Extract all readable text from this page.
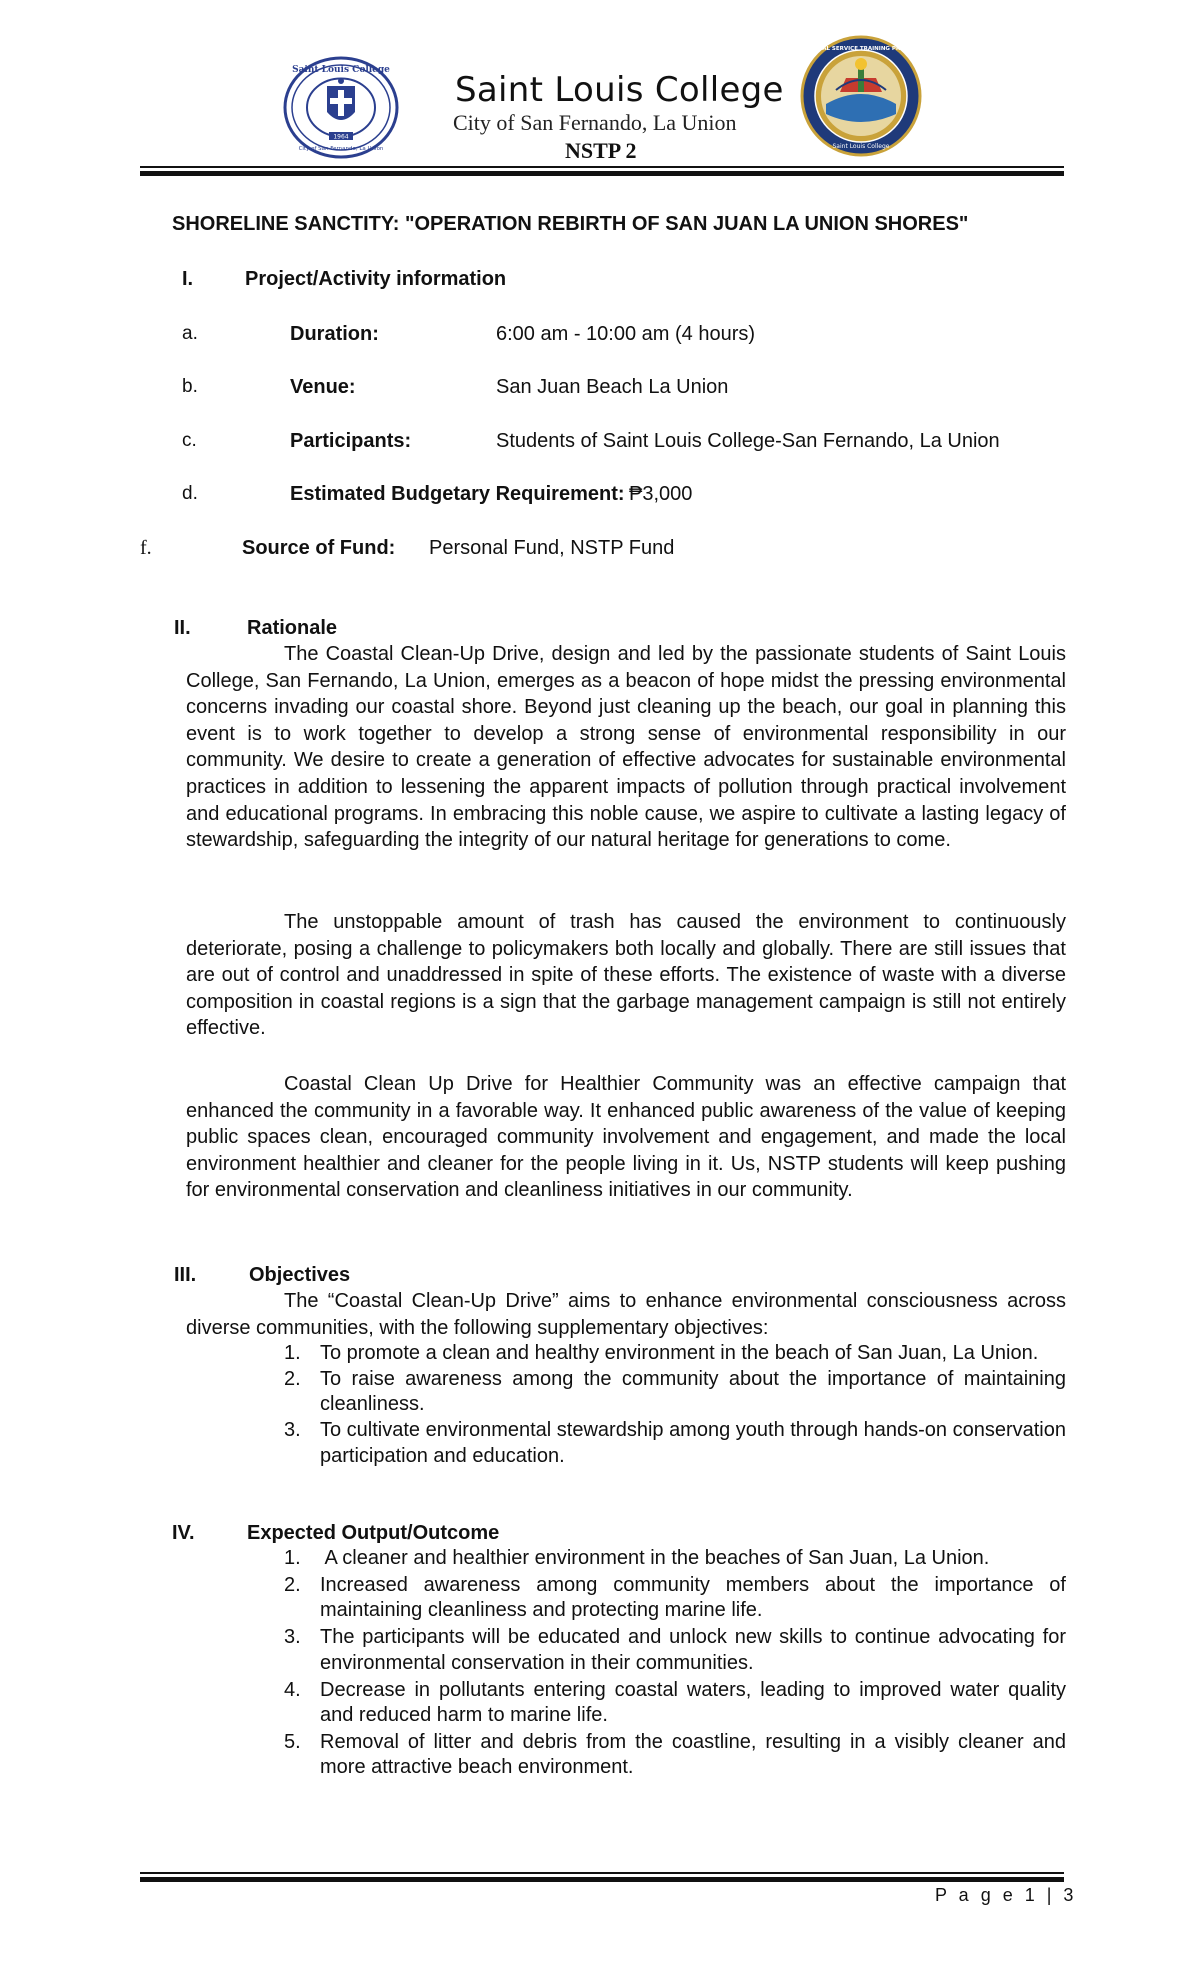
Saint Louis College
City of San Fernando, La Union
1964
Saint Louis College
City of San Fernando, La Union
NSTP 2
NATIONAL SERVICE TRAINING PROGRAM
Saint Louis College
SHORELINE SANCTITY: "OPERATION REBIRTH OF SAN JUAN LA UNION SHORES"
I.	Project/Activity information
a.	Duration:	6:00 am - 10:00 am (4 hours)
b.	Venue:	San Juan Beach La Union
c.	Participants:	Students of Saint Louis College-San Fernando, La Union
d.	Estimated Budgetary Requirement: ₱3,000
f.	Source of Fund: Personal Fund, NSTP Fund
II.	Rationale
The Coastal Clean-Up Drive, design and led by the passionate students of Saint Louis College, San Fernando, La Union, emerges as a beacon of hope midst the pressing environmental concerns invading our coastal shore. Beyond just cleaning up the beach, our goal in planning this event is to work together to develop a strong sense of environmental responsibility in our community. We desire to create a generation of effective advocates for sustainable environmental practices in addition to lessening the apparent impacts of pollution through practical involvement and educational programs. In embracing this noble cause, we aspire to cultivate a lasting legacy of stewardship, safeguarding the integrity of our natural heritage for generations to come.
The unstoppable amount of trash has caused the environment to continuously deteriorate, posing a challenge to policymakers both locally and globally. There are still issues that are out of control and unaddressed in spite of these efforts. The existence of waste with a diverse composition in coastal regions is a sign that the garbage management campaign is still not entirely effective.
Coastal Clean Up Drive for Healthier Community was an effective campaign that enhanced the community in a favorable way. It enhanced public awareness of the value of keeping public spaces clean, encouraged community involvement and engagement, and made the local environment healthier and cleaner for the people living in it. Us, NSTP students will keep pushing for environmental conservation and cleanliness initiatives in our community.
III.	Objectives
The “Coastal Clean-Up Drive” aims to enhance environmental consciousness across diverse communities, with the following supplementary objectives:
1. To promote a clean and healthy environment in the beach of San Juan, La Union.
2. To raise awareness among the community about the importance of maintaining cleanliness.
3. To cultivate environmental stewardship among youth through hands-on conservation participation and education.
IV.	Expected Output/Outcome
1. A cleaner and healthier environment in the beaches of San Juan, La Union.
2. Increased awareness among community members about the importance of maintaining cleanliness and protecting marine life.
3. The participants will be educated and unlock new skills to continue advocating for environmental conservation in their communities.
4. Decrease in pollutants entering coastal waters, leading to improved water quality and reduced harm to marine life.
5. Removal of litter and debris from the coastline, resulting in a visibly cleaner and more attractive beach environment.
P a g e 1 | 3
